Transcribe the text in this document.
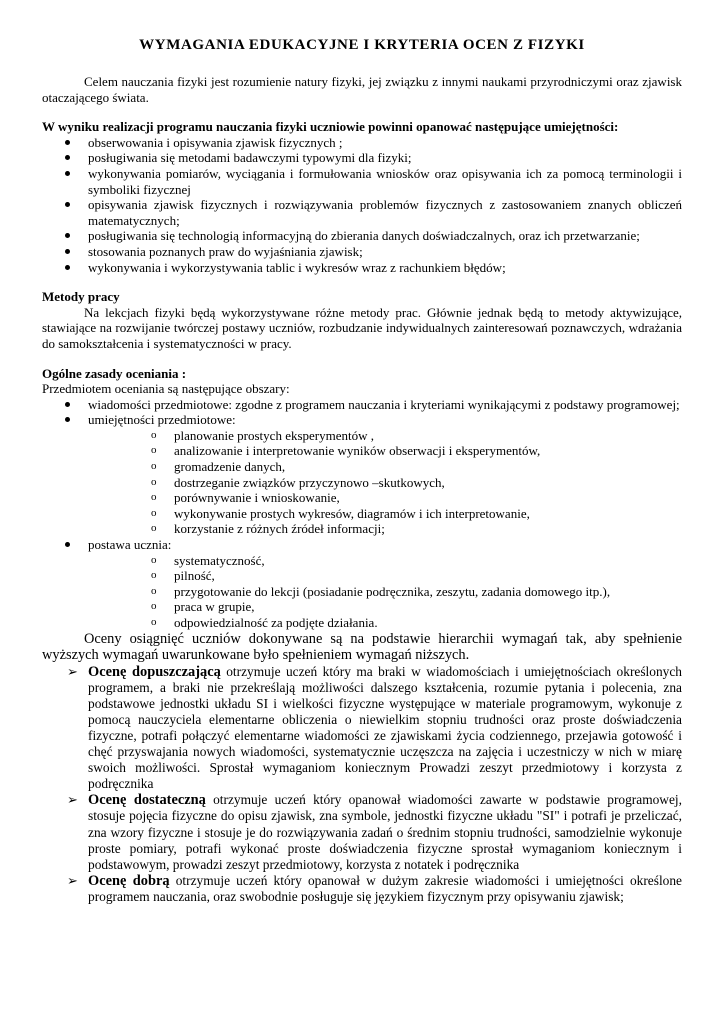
WYMAGANIA EDUKACYJNE I KRYTERIA OCEN Z FIZYKI

Celem nauczania fizyki jest rozumienie natury fizyki, jej związku z innymi naukami przyrodniczymi oraz zjawisk otaczającego świata.

W wyniku realizacji programu nauczania fizyki uczniowie powinni opanować następujące umiejętności:

obserwowania i opisywania zjawisk fizycznych ;
posługiwania się metodami badawczymi typowymi dla fizyki;
wykonywania pomiarów, wyciągania i formułowania wniosków oraz opisywania ich za pomocą terminologii i symboliki fizycznej
opisywania zjawisk fizycznych i rozwiązywania problemów fizycznych z zastosowaniem znanych obliczeń matematycznych;
posługiwania się technologią informacyjną do zbierania danych doświadczalnych, oraz ich przetwarzanie;
stosowania poznanych praw do wyjaśniania zjawisk;
wykonywania i wykorzystywania tablic i wykresów wraz z rachunkiem błędów;

Metody pracy

Na lekcjach fizyki będą wykorzystywane różne metody prac. Głównie jednak będą to metody aktywizujące, stawiające na rozwijanie twórczej postawy uczniów, rozbudzanie indywidualnych zainteresowań poznawczych, wdrażania do samokształcenia i systematyczności w pracy.

Ogólne zasady oceniania :

Przedmiotem oceniania są następujące obszary:

wiadomości przedmiotowe: zgodne z programem nauczania i kryteriami wynikającymi z podstawy programowej;
umiejętności przedmiotowe:
o planowanie prostych eksperymentów ,
o analizowanie i interpretowanie wyników obserwacji i eksperymentów,
o gromadzenie danych,
o dostrzeganie związków przyczynowo –skutkowych,
o porównywanie i wnioskowanie,
o wykonywanie prostych wykresów, diagramów i ich interpretowanie,
o korzystanie z różnych źródeł informacji;
postawa ucznia:
o systematyczność,
o pilność,
o przygotowanie do lekcji (posiadanie podręcznika, zeszytu, zadania domowego itp.),
o praca w grupie,
o odpowiedzialność za podjęte działania.

Oceny osiągnięć uczniów dokonywane są na podstawie hierarchii wymagań tak, aby spełnienie wyższych wymagań uwarunkowane było spełnieniem wymagań niższych.

➢ Ocenę dopuszczającą otrzymuje uczeń który ma braki w wiadomościach i umiejętnościach określonych programem, a braki nie przekreślają możliwości dalszego kształcenia, rozumie pytania i polecenia, zna podstawowe jednostki układu SI i wielkości fizyczne występujące w materiale programowym, wykonuje z pomocą nauczyciela elementarne obliczenia o niewielkim stopniu trudności oraz proste doświadczenia fizyczne, potrafi połączyć elementarne wiadomości ze zjawiskami życia codziennego, przejawia gotowość i chęć przyswajania nowych wiadomości, systematycznie uczęszcza na zajęcia i uczestniczy w nich w miarę swoich możliwości. Sprostał wymaganiom koniecznym Prowadzi zeszyt przedmiotowy i korzysta z podręcznika
➢ Ocenę dostateczną otrzymuje uczeń który opanował wiadomości zawarte w podstawie programowej, stosuje pojęcia fizyczne do opisu zjawisk, zna symbole, jednostki fizyczne układu "SI" i potrafi je przeliczać, zna wzory fizyczne i stosuje je do rozwiązywania zadań o średnim stopniu trudności, samodzielnie wykonuje proste pomiary, potrafi wykonać proste doświadczenia fizyczne sprostał wymaganiom koniecznym i podstawowym, prowadzi zeszyt przedmiotowy, korzysta z notatek i podręcznika
➢ Ocenę dobrą otrzymuje uczeń który opanował w dużym zakresie wiadomości i umiejętności określone programem nauczania, oraz swobodnie posługuje się językiem fizycznym przy opisywaniu zjawisk;
